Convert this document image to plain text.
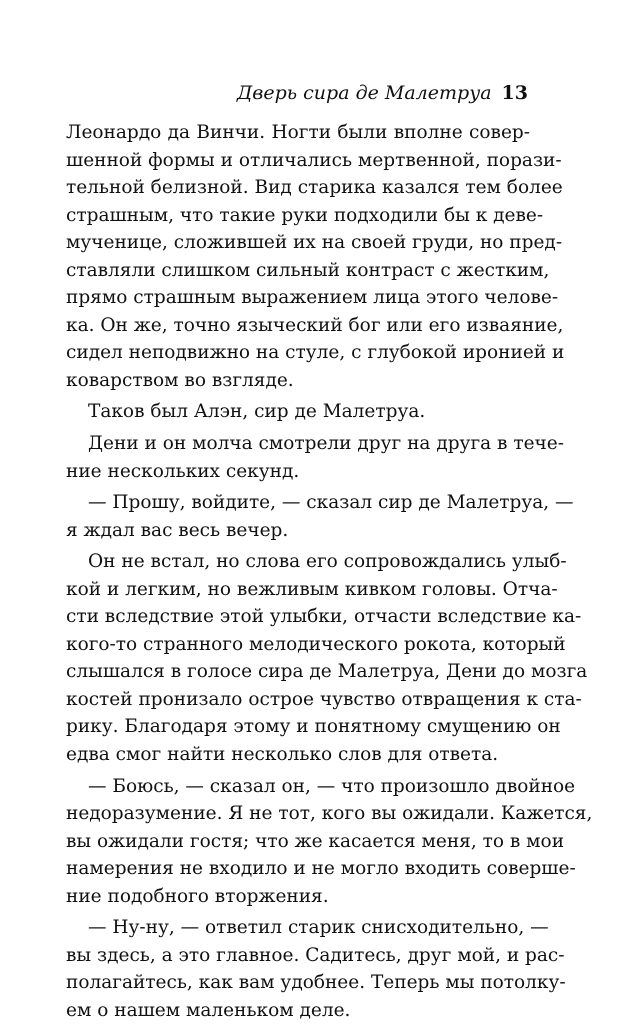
Дверь сира де Малетруа 13
Леонардо да Винчи. Ногти были вполне совер-
шенной формы и отличались мертвенной, порази-
тельной белизной. Вид старика казался тем более
страшным, что такие руки подходили бы к деве-
мученице, сложившей их на своей груди, но пред-
ставляли слишком сильный контраст с жестким,
прямо страшным выражением лица этого челове-
ка. Он же, точно языческий бог или его изваяние,
сидел неподвижно на стуле, с глубокой иронией и
коварством во взгляде.
Таков был Алэн, сир де Малетруа.
Дени и он молча смотрели друг на друга в тече-
ние нескольких секунд.
— Прошу, войдите, — сказал сир де Малетруа, —
я ждал вас весь вечер.
Он не встал, но слова его сопровождались улыб-
кой и легким, но вежливым кивком головы. Отча-
сти вследствие этой улыбки, отчасти вследствие ка-
кого-то странного мелодического рокота, который
слышался в голосе сира де Малетруа, Дени до мозга
костей пронизало острое чувство отвращения к ста-
рику. Благодаря этому и понятному смущению он
едва смог найти несколько слов для ответа.
— Боюсь, — сказал он, — что произошло двойное
недоразумение. Я не тот, кого вы ожидали. Кажется,
вы ожидали гостя; что же касается меня, то в мои
намерения не входило и не могло входить соверше-
ние подобного вторжения.
— Ну-ну, — ответил старик снисходительно, —
вы здесь, а это главное. Садитесь, друг мой, и рас-
полагайтесь, как вам удобнее. Теперь мы потолку-
ем о нашем маленьком деле.
